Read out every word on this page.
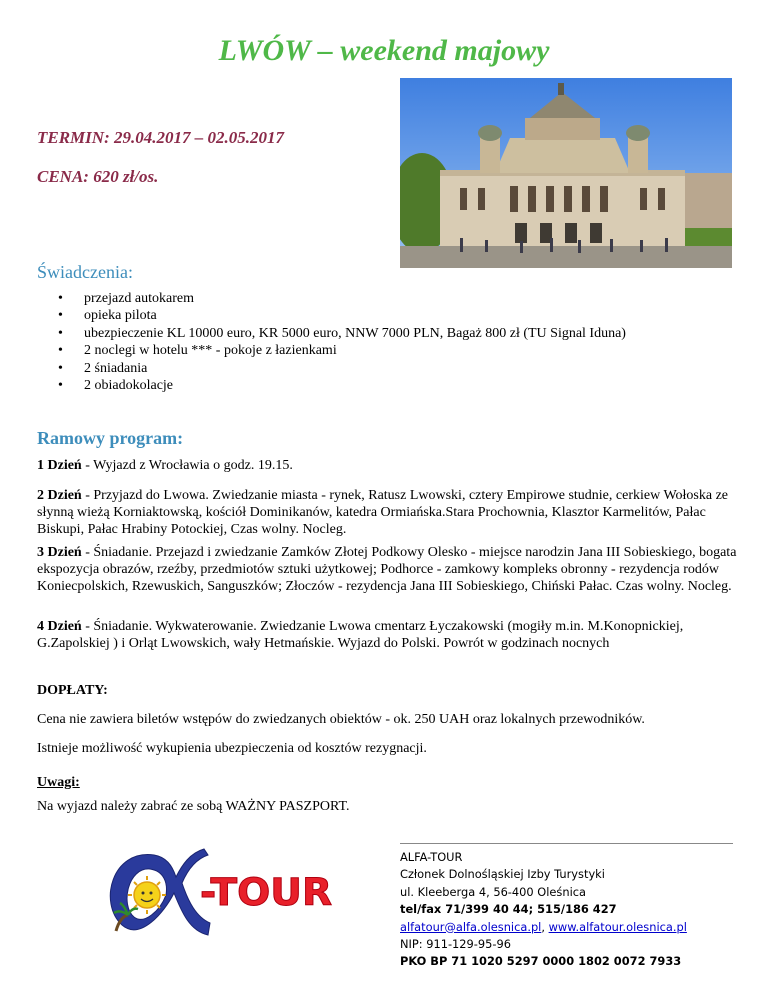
LWÓW – weekend majowy
TERMIN: 29.04.2017 – 02.05.2017
CENA: 620 zł/os.
Świadczenia:
• przejazd autokarem
• opieka pilota
• ubezpieczenie KL 10000 euro, KR 5000 euro, NNW 7000 PLN, Bagaż 800 zł (TU Signal Iduna)
• 2 noclegi w hotelu *** - pokoje z łazienkami
• 2 śniadania
• 2 obiadokolacje
Ramowy program:
1 Dzień - Wyjazd z Wrocławia o godz. 19.15.
2 Dzień - Przyjazd do Lwowa. Zwiedzanie miasta - rynek, Ratusz Lwowski, cztery Empirowe studnie, cerkiew Wołoska ze słynną wieżą Korniaktowską, kościół Dominikanów, katedra Ormiańska.Stara Prochownia, Klasztor Karmelitów, Pałac Biskupi, Pałac Hrabiny Potockiej, Czas wolny. Nocleg.
3 Dzień - Śniadanie. Przejazd i zwiedzanie Zamków Złotej Podkowy Olesko - miejsce narodzin Jana III Sobieskiego, bogata ekspozycja obrazów, rzeźby, przedmiotów sztuki użytkowej; Podhorce - zamkowy kompleks obronny - rezydencja rodów Koniecpolskich, Rzewuskich, Sanguszków; Złoczów - rezydencja Jana III Sobieskiego, Chiński Pałac. Czas wolny. Nocleg.
4 Dzień - Śniadanie. Wykwaterowanie. Zwiedzanie Lwowa cmentarz Łyczakowski (mogiły m.in. M.Konopnickiej, G.Zapolskiej ) i Orląt Lwowskich, wały Hetmańskie. Wyjazd do Polski. Powrót w godzinach nocnych
DOPŁATY:
Cena nie zawiera biletów wstępów do zwiedzanych obiektów - ok. 250 UAH oraz lokalnych przewodników.
Istnieje możliwość wykupienia ubezpieczenia od kosztów rezygnacji.
Uwagi:
Na wyjazd należy zabrać ze sobą WAŻNY PASZPORT.
-TOUR
ALFA-TOUR
Członek Dolnośląskiej Izby Turystyki
ul. Kleeberga 4, 56-400 Oleśnica
tel/fax 71/399 40 44; 515/186 427
alfatour@alfa.olesnica.pl, www.alfatour.olesnica.pl
NIP: 911-129-95-96
PKO BP 71 1020 5297 0000 1802 0072 7933
